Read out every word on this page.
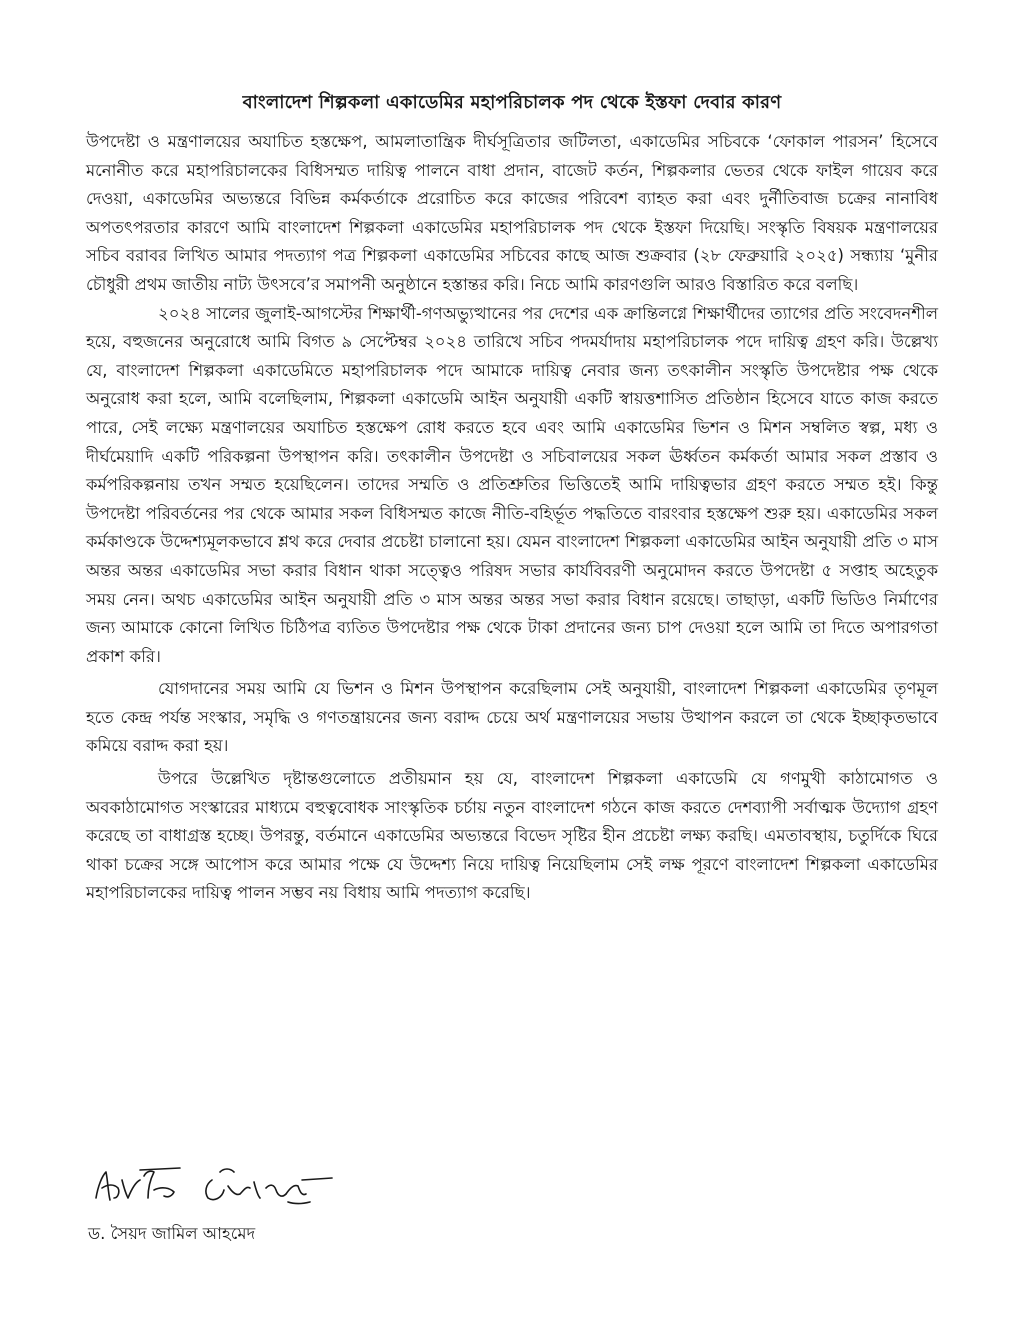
বাংলাদেশ শিল্পকলা একাডেমির মহাপরিচালক পদ থেকে ইস্তফা দেবার কারণ

উপদেষ্টা ও মন্ত্রণালয়ের অযাচিত হস্তক্ষেপ, আমলাতান্ত্রিক দীর্ঘসূত্রিতার জটিলতা, একাডেমির সচিবকে ‘ফোকাল পারসন’ হিসেবে মনোনীত করে মহাপরিচালকের বিধিসম্মত দায়িত্ব পালনে বাধা প্রদান, বাজেট কর্তন, শিল্পকলার ভেতর থেকে ফাইল গায়েব করে দেওয়া, একাডেমির অভ্যন্তরে বিভিন্ন কর্মকর্তাকে প্ররোচিত করে কাজের পরিবেশ ব্যাহত করা এবং দুর্নীতিবাজ চক্রের নানাবিধ অপতৎপরতার কারণে আমি বাংলাদেশ শিল্পকলা একাডেমির মহাপরিচালক পদ থেকে ইস্তফা দিয়েছি। সংস্কৃতি বিষয়ক মন্ত্রণালয়ের সচিব বরাবর লিখিত আমার পদত্যাগ পত্র শিল্পকলা একাডেমির সচিবের কাছে আজ শুক্রবার (২৮ ফেব্রুয়ারি ২০২৫) সন্ধ্যায় ‘মুনীর চৌধুরী প্রথম জাতীয় নাট্য উৎসবে’র সমাপনী অনুষ্ঠানে হস্তান্তর করি। নিচে আমি কারণগুলি আরও বিস্তারিত করে বলছি।

২০২৪ সালের জুলাই-আগস্টের শিক্ষার্থী-গণঅভ্যুত্থানের পর দেশের এক ক্রান্তিলগ্নে শিক্ষার্থীদের ত্যাগের প্রতি সংবেদনশীল হয়ে, বহুজনের অনুরোধে আমি বিগত ৯ সেপ্টেম্বর ২০২৪ তারিখে সচিব পদমর্যাদায় মহাপরিচালক পদে দায়িত্ব গ্রহণ করি। উল্লেখ্য যে, বাংলাদেশ শিল্পকলা একাডেমিতে মহাপরিচালক পদে আমাকে দায়িত্ব নেবার জন্য তৎকালীন সংস্কৃতি উপদেষ্টার পক্ষ থেকে অনুরোধ করা হলে, আমি বলেছিলাম, শিল্পকলা একাডেমি আইন অনুযায়ী একটি স্বায়ত্তশাসিত প্রতিষ্ঠান হিসেবে যাতে কাজ করতে পারে, সেই লক্ষ্যে মন্ত্রণালয়ের অযাচিত হস্তক্ষেপ রোধ করতে হবে এবং আমি একাডেমির ভিশন ও মিশন সম্বলিত স্বল্প, মধ্য ও দীর্ঘমেয়াদি একটি পরিকল্পনা উপস্থাপন করি। তৎকালীন উপদেষ্টা ও সচিবালয়ের সকল ঊর্ধ্বতন কর্মকর্তা আমার সকল প্রস্তাব ও কর্মপরিকল্পনায় তখন সম্মত হয়েছিলেন। তাদের সম্মতি ও প্রতিশ্রুতির ভিত্তিতেই আমি দায়িত্বভার গ্রহণ করতে সম্মত হই। কিন্তু উপদেষ্টা পরিবর্তনের পর থেকে আমার সকল বিধিসম্মত কাজে নীতি-বহির্ভূত পদ্ধতিতে বারংবার হস্তক্ষেপ শুরু হয়। একাডেমির সকল কর্মকাণ্ডকে উদ্দেশ্যমূলকভাবে শ্লথ করে দেবার প্রচেষ্টা চালানো হয়। যেমন বাংলাদেশ শিল্পকলা একাডেমির আইন অনুযায়ী প্রতি ৩ মাস অন্তর অন্তর একাডেমির সভা করার বিধান থাকা সত্ত্বেও পরিষদ সভার কার্যবিবরণী অনুমোদন করতে উপদেষ্টা ৫ সপ্তাহ অহেতুক সময় নেন। অথচ একাডেমির আইন অনুযায়ী প্রতি ৩ মাস অন্তর অন্তর সভা করার বিধান রয়েছে। তাছাড়া, একটি ভিডিও নির্মাণের জন্য আমাকে কোনো লিখিত চিঠিপত্র ব্যতিত উপদেষ্টার পক্ষ থেকে টাকা প্রদানের জন্য চাপ দেওয়া হলে আমি তা দিতে অপারগতা প্রকাশ করি।

যোগদানের সময় আমি যে ভিশন ও মিশন উপস্থাপন করেছিলাম সেই অনুযায়ী, বাংলাদেশ শিল্পকলা একাডেমির তৃণমূল হতে কেন্দ্র পর্যন্ত সংস্কার, সমৃদ্ধি ও গণতন্ত্রায়নের জন্য বরাদ্দ চেয়ে অর্থ মন্ত্রণালয়ের সভায় উত্থাপন করলে তা থেকে ইচ্ছাকৃতভাবে কমিয়ে বরাদ্দ করা হয়।

উপরে উল্লেখিত দৃষ্টান্তগুলোতে প্রতীয়মান হয় যে, বাংলাদেশ শিল্পকলা একাডেমি যে গণমুখী কাঠামোগত ও অবকাঠামোগত সংস্কারের মাধ্যমে বহুত্ববোধক সাংস্কৃতিক চর্চায় নতুন বাংলাদেশ গঠনে কাজ করতে দেশব্যাপী সর্বাত্মক উদ্যোগ গ্রহণ করেছে তা বাধাগ্রস্ত হচ্ছে। উপরন্তু, বর্তমানে একাডেমির অভ্যন্তরে বিভেদ সৃষ্টির হীন প্রচেষ্টা লক্ষ্য করছি। এমতাবস্থায়, চতুর্দিকে ঘিরে থাকা চক্রের সঙ্গে আপোস করে আমার পক্ষে যে উদ্দেশ্য নিয়ে দায়িত্ব নিয়েছিলাম সেই লক্ষ পূরণে বাংলাদেশ শিল্পকলা একাডেমির মহাপরিচালকের দায়িত্ব পালন সম্ভব নয় বিধায় আমি পদত্যাগ করেছি।

ড. সৈয়দ জামিল আহমেদ
